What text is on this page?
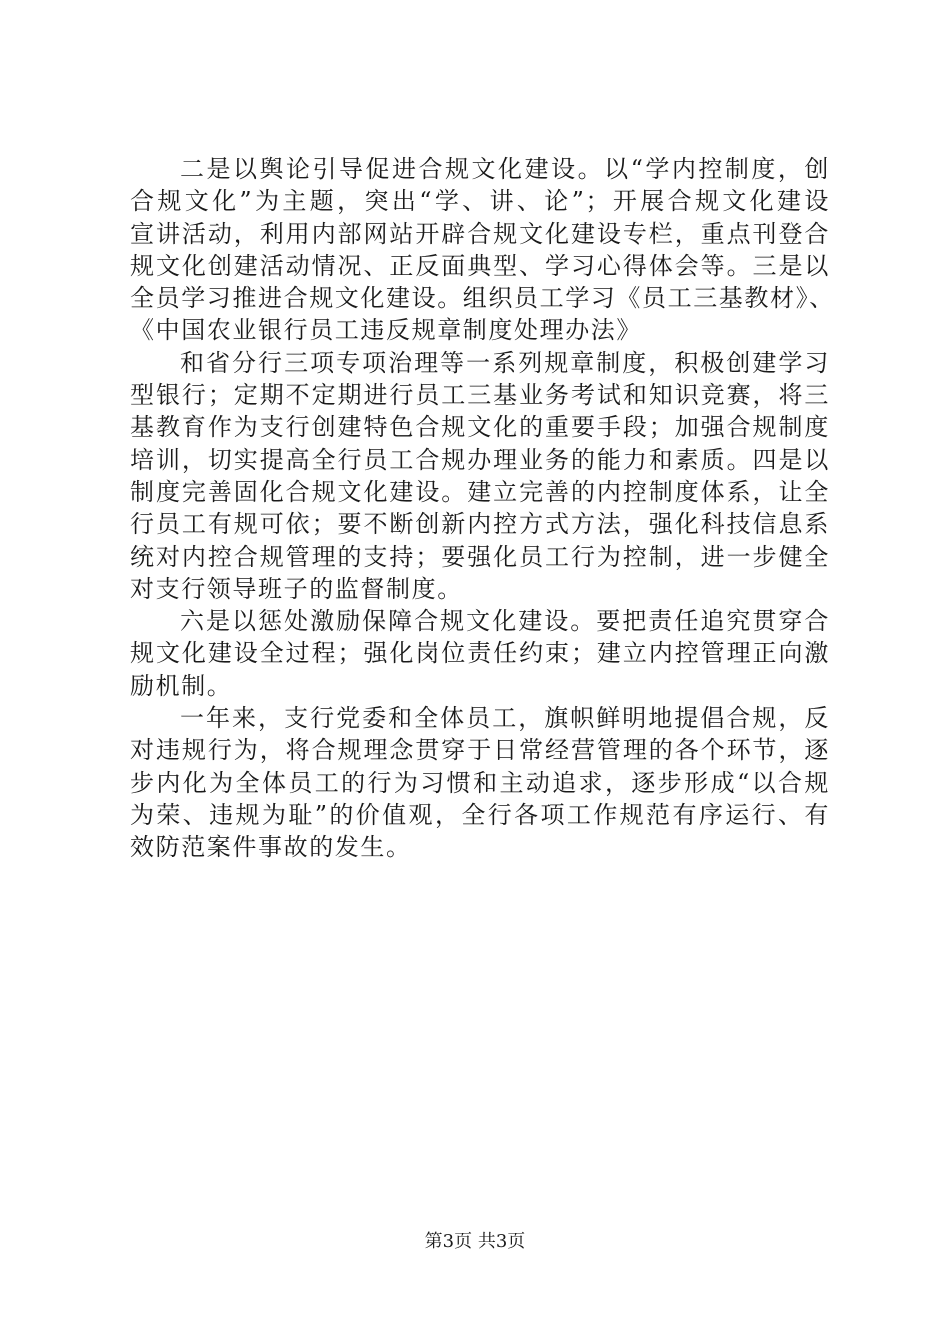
二是以舆论引导促进合规文化建设。以“学内控制度，创
合规文化”为主题，突出“学、讲、论”；开展合规文化建设
宣讲活动，利用内部网站开辟合规文化建设专栏，重点刊登合
规文化创建活动情况、正反面典型、学习心得体会等。三是以
全员学习推进合规文化建设。组织员工学习《员工三基教材》、
《中国农业银行员工违反规章制度处理办法》
和省分行三项专项治理等一系列规章制度，积极创建学习
型银行；定期不定期进行员工三基业务考试和知识竞赛，将三
基教育作为支行创建特色合规文化的重要手段；加强合规制度
培训，切实提高全行员工合规办理业务的能力和素质。四是以
制度完善固化合规文化建设。建立完善的内控制度体系，让全
行员工有规可依；要不断创新内控方式方法，强化科技信息系
统对内控合规管理的支持；要强化员工行为控制，进一步健全
对支行领导班子的监督制度。
六是以惩处激励保障合规文化建设。要把责任追究贯穿合
规文化建设全过程；强化岗位责任约束；建立内控管理正向激
励机制。
一年来，支行党委和全体员工，旗帜鲜明地提倡合规，反
对违规行为，将合规理念贯穿于日常经营管理的各个环节，逐
步内化为全体员工的行为习惯和主动追求，逐步形成“以合规
为荣、违规为耻”的价值观，全行各项工作规范有序运行、有
效防范案件事故的发生。
第3页 共3页
